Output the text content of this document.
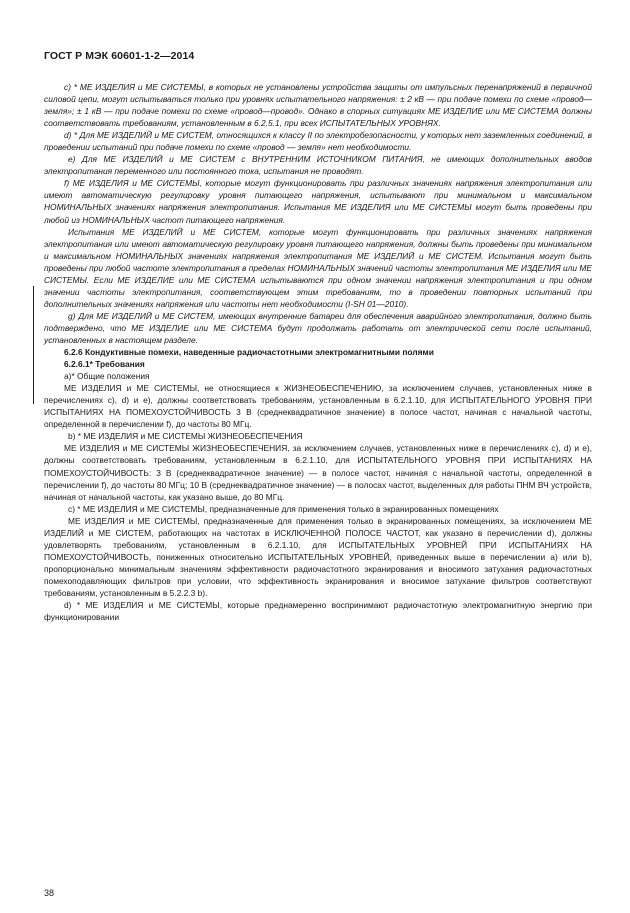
ГОСТ Р МЭК 60601-1-2—2014

c) * МЕ ИЗДЕЛИЯ и МЕ СИСТЕМЫ, в которых не установлены устройства защиты от импульсных перенапряжений в первичной силовой цепи, могут испытываться только при уровнях испытательного напряжения: ± 2 кВ — при подаче помехи по схеме «провод—земля»; ± 1 кВ — при подаче помехи по схеме «провод—провод». Однако в спорных ситуациях МЕ ИЗДЕЛИЕ или МЕ СИСТЕМА должны соответствовать требованиям, установленным в 6.2.5.1, при всех ИСПЫТАТЕЛЬНЫХ УРОВНЯХ.

d) * Для МЕ ИЗДЕЛИЙ и МЕ СИСТЕМ, относящихся к классу II по электробезопасности, у которых нет заземленных соединений, в проведении испытаний при подаче помехи по схеме «провод — земля» нет необходимости.

e) Для МЕ ИЗДЕЛИЙ и МЕ СИСТЕМ с ВНУТРЕННИМ ИСТОЧНИКОМ ПИТАНИЯ, не имеющих дополнительных вводов электропитания переменного или постоянного тока, испытания не проводят.

f) МЕ ИЗДЕЛИЯ и МЕ СИСТЕМЫ, которые могут функционировать при различных значениях напряжения электропитания или имеют автоматическую регулировку уровня питающего напряжения, испытывают при минимальном и максимальном НОМИНАЛЬНЫХ значениях напряжения электропитания. Испытания МЕ ИЗДЕЛИЯ или МЕ СИСТЕМЫ могут быть проведены при любой из НОМИНАЛЬНЫХ частот питающего напряжения.

Испытания МЕ ИЗДЕЛИЙ и МЕ СИСТЕМ, которые могут функционировать при различных значениях напряжения электропитания или имеют автоматическую регулировку уровня питающего напряжения, должны быть проведены при минимальном и максимальном НОМИНАЛЬНЫХ значениях напряжения электропитания МЕ ИЗДЕЛИЙ и МЕ СИСТЕМ. Испытания могут быть проведены при любой частоте электропитания в пределах НОМИНАЛЬНЫХ значений частоты электропитания МЕ ИЗДЕЛИЯ или МЕ СИСТЕМЫ. Если МЕ ИЗДЕЛИЕ или МЕ СИСТЕМА испытываются при одном значении напряжения электропитания и при одном значении частоты электропитания, соответствующем этим требованиям, то в проведении повторных испытаний при дополнительных значениях напряжения или частоты нет необходимости (I-SH 01—2010).

g) Для МЕ ИЗДЕЛИЙ и МЕ СИСТЕМ, имеющих внутренние батареи для обеспечения аварийного электропитания, должно быть подтверждено, что МЕ ИЗДЕЛИЕ или МЕ СИСТЕМА будут продолжать работать от электрической сети после испытаний, установленных в настоящем разделе.

6.2.6 Кондуктивные помехи, наведенные радиочастотными электромагнитными полями

6.2.6.1* Требования

a)* Общие положения

МЕ ИЗДЕЛИЯ и МЕ СИСТЕМЫ, не относящиеся к ЖИЗНЕОБЕСПЕЧЕНИЮ, за исключением случаев, установленных ниже в перечислениях c), d) и e), должны соответствовать требованиям, установленным в 6.2.1.10, для ИСПЫТАТЕЛЬНОГО УРОВНЯ ПРИ ИСПЫТАНИЯХ НА ПОМЕХОУСТОЙЧИВОСТЬ 3 В (среднеквадратичное значение) в полосе частот, начиная с начальной частоты, определенной в перечислении f), до частоты 80 МГц.

b) * МЕ ИЗДЕЛИЯ и МЕ СИСТЕМЫ ЖИЗНЕОБЕСПЕЧЕНИЯ

МЕ ИЗДЕЛИЯ и МЕ СИСТЕМЫ ЖИЗНЕОБЕСПЕЧЕНИЯ, за исключением случаев, установленных ниже в перечислениях c), d) и e), должны соответствовать требованиям, установленным в 6.2.1.10, для ИСПЫТАТЕЛЬНОГО УРОВНЯ ПРИ ИСПЫТАНИЯХ НА ПОМЕХОУСТОЙЧИВОСТЬ: 3 В (среднеквадратичное значение) — в полосе частот, начиная с начальной частоты, определенной в перечислении f), до частоты 80 МГц; 10 В (среднеквадратичное значение) — в полосах частот, выделенных для работы ПНМ ВЧ устройств, начиная от начальной частоты, как указано выше, до 80 МГц.

c) * МЕ ИЗДЕЛИЯ и МЕ СИСТЕМЫ, предназначенные для применения только в экранированных помещениях

МЕ ИЗДЕЛИЯ и МЕ СИСТЕМЫ, предназначенные для применения только в экранированных помещениях, за исключением МЕ ИЗДЕЛИЙ и МЕ СИСТЕМ, работающих на частотах в ИСКЛЮЧЕННОЙ ПОЛОСЕ ЧАСТОТ, как указано в перечислении d), должны удовлетворять требованиям, установленным в 6.2.1.10, для ИСПЫТАТЕЛЬНЫХ УРОВНЕЙ ПРИ ИСПЫТАНИЯХ НА ПОМЕХОУСТОЙЧИВОСТЬ, пониженных относительно ИСПЫТАТЕЛЬНЫХ УРОВНЕЙ, приведенных выше в перечислении a) или b), пропорционально минимальным значениям эффективности радиочастотного экранирования и вносимого затухания радиочастотных помехоподавляющих фильтров при условии, что эффективность экранирования и вносимое затухание фильтров соответствуют требованиям, установленным в 5.2.2.3 b).

d) * МЕ ИЗДЕЛИЯ и МЕ СИСТЕМЫ, которые преднамеренно воспринимают радиочастотную электромагнитную энергию при функционировании

38
